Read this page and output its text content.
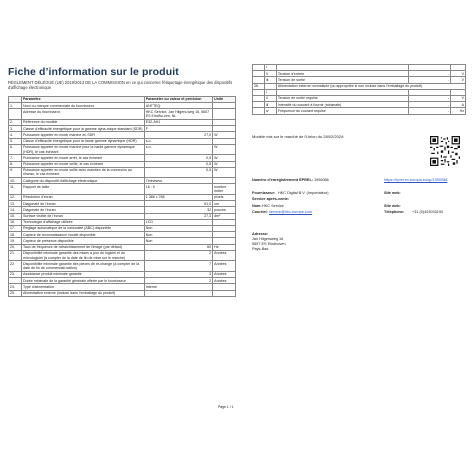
Fiche d’information sur le produit
RÈGLEMENT DÉLÉGUÉ (UE) 2019/2013 DE LA COMMISSION en ce qui concerne l'étiquetage énergétique des dispositifs d'affichage électronique
	Paramètre	Paramètre ou valeur et précision	Unité
1.	Nom ou marque commerciale du fournisseur.	ANTTEQ	
	Adresse du fournisseur.	HKC Service, Jan Hilgers-weg 16, 5657 ES Eindho-ven, NL	
2.	Référence du modèle	E32-AH1	
3.	Classe d'efficacité énergétique pour la gamme dyna-mique standard (SDR)	F	
4.	Puissance appelée en mode marche en SDR	27,0	W
5.	Classe d'efficacité énergétique pour la haute gamme dynamique (HDR)	s.o.	
6.	Puissance appelée en mode marche pour la haute gamme dynamique (HDR), le cas échéant	s.o.	W
7.	Puissance appelée en mode arrêt, le cas échéant	0,5	W
8.	Puissance appelée en mode veille, le cas échéant	0,5	W
9.	Puissance appelée en mode veille avec maintien de la connexion au réseau, le cas échéant	0,5	W
10.	Catégorie du dispositif d'affichage électronique	Téléviseur	
11.	Rapport de taille	16 : 9	nombre entier
12.	Résolution d'écran	1 366 x 768	pixels
13.	Diagonale de l'écran	81,0	cm
14.	Diagonale de l'écran	32	pouces
15.	Surface visible de l'écran	27,3	dm²
16.	Technologie d'affichage utilisée	LCD	
17.	Réglage automatique de la luminosité (ABC) disponible	Non	
18.	Capteur de reconnaissance vocale disponible	Non	
19.	Capteur de présence disponible	Non	
20.	Taux de fréquence de rafraîchissement de l'image (par défaut)	60	Hz
21.	Disponibilité minimale garantie des mises à jour du logiciel et du micrologiciel (à compter de la date de fin de mise sur le marché)	2	Années
22.	Disponibilité minimale garantie des pièces de re-change (à compter de la date de fin de commerciali-sation)	7	Années
23.	Assistance produit minimale garantie	3	Années
	Durée minimale de la garantie générale offerte par le fournisseur	2	Années
24.	Type d'alimentation	Interne	
25.	Alimentation externe (incluse dans l'emballage du produit)		
	i			
	ii	Tension d'entrée	-	V
	iii	Tension de sortie	-	V
26.		Alimentation externe normalisée (ou appropriée si non incluse dans l'emballage du produit)		
	i			
	ii	Tension de sortie requise	-	V
	iii	Intensité du courant à fournir (minimale)	-	A
	iv	Fréquence du courant requise	-	Hz
Modèle mis sur le marché de l'Union du 28/02/2024:
Numéro d'enregistrement EPREL: 1956086	https://eprel.ec.europa.eu/qr/1950088
Fournisseur: HKC Digital B.V. (Importateur)	Site web:
Service après-vente:
Nom: HKC Service	Site web:
Courriel: service@hkc-europe.com	Téléphone: +31 (0)403033190
Adresse:
Jan Hilgersweg 16
5657 ES Eindhoven
Pays-Bas
Page 1 / 1
